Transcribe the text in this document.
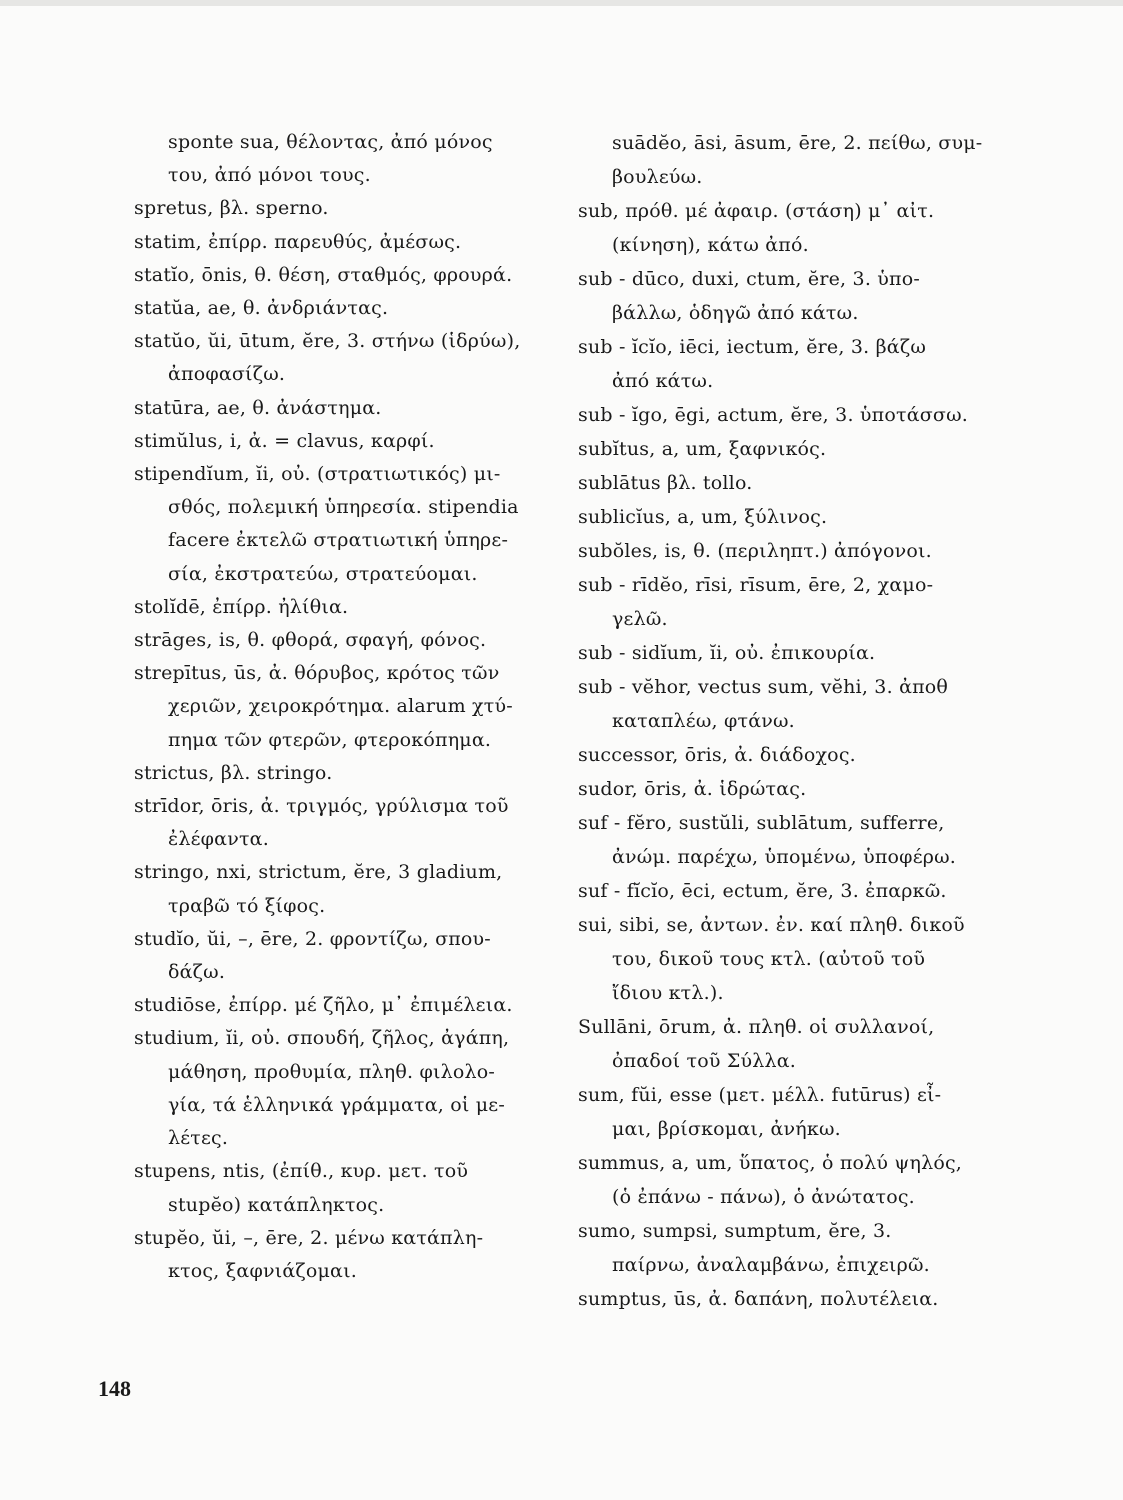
sponte sua, θέλοντας, ἀπό μόνος
του, ἀπό μόνοι τους.
spretus, βλ. sperno.
statim, ἐπίρρ. παρευθύς, ἀμέσως.
statĭo, ōnis, θ. θέση, σταθμός, φρουρά.
statŭa, ae, θ. ἀνδριάντας.
statŭo, ŭi, ūtum, ĕre, 3. στήνω (ἱδρύω),
ἀποφασίζω.
statūra, ae, θ. ἀνάστημα.
stimŭlus, i, ἀ. = clavus, καρφί.
stipendĭum, ĭi, οὐ. (στρατιωτικός) μι-
σθός, πολεμική ὑπηρεσία. stipendia
facere ἐκτελῶ στρατιωτική ὑπηρε-
σία, ἐκστρατεύω, στρατεύομαι.
stolĭdē, ἐπίρρ. ἠλίθια.
strāges, is, θ. φθορά, σφαγή, φόνος.
strepītus, ūs, ἀ. θόρυβος, κρότος τῶν
χεριῶν, χειροκρότημα. alarum χτύ-
πημα τῶν φτερῶν, φτεροκόπημα.
strictus, βλ. stringo.
strīdor, ōris, ἀ. τριγμός, γρύλισμα τοῦ
ἐλέφαντα.
stringo, nxi, strictum, ĕre, 3 gladium,
τραβῶ τό ξίφος.
studĭo, ŭi, –, ēre, 2. φροντίζω, σπου-
δάζω.
studiōse, ἐπίρρ. μέ ζῆλο, μ᾽ ἐπιμέλεια.
studium, ĭi, οὐ. σπουδή, ζῆλος, ἀγάπη,
μάθηση, προθυμία, πληθ. φιλολο-
γία, τά ἑλληνικά γράμματα, οἱ με-
λέτες.
stupens, ntis, (ἐπίθ., κυρ. μετ. τοῦ
stupĕo) κατάπληκτος.
stupĕo, ŭi, –, ēre, 2. μένω κατάπλη-
κτος, ξαφνιάζομαι.
suādĕo, āsi, āsum, ēre, 2. πείθω, συμ-
βουλεύω.
sub, πρόθ. μέ ἀφαιρ. (στάση) μ᾽ αἰτ.
(κίνηση), κάτω ἀπό.
sub - dūco, duxi, ctum, ĕre, 3. ὑπο-
βάλλω, ὁδηγῶ ἀπό κάτω.
sub - ĭcĭo, iēci, iectum, ĕre, 3. βάζω
ἀπό κάτω.
sub - ĭgo, ēgi, actum, ĕre, 3. ὑποτάσσω.
subĭtus, a, um, ξαφνικός.
sublātus βλ. tollo.
sublicĭus, a, um, ξύλινος.
subŏles, is, θ. (περιληπτ.) ἀπόγονοι.
sub - rīdĕo, rīsi, rīsum, ēre, 2, χαμο-
γελῶ.
sub - sidĭum, ĭi, οὐ. ἐπικουρία.
sub - vĕhor, vectus sum, vĕhi, 3. ἀποθ
καταπλέω, φτάνω.
successor, ōris, ἀ. διάδοχος.
sudor, ōris, ἀ. ἱδρώτας.
suf - fĕro, sustŭli, sublātum, sufferre,
ἀνώμ. παρέχω, ὑπομένω, ὑποφέρω.
suf - fĭcĭo, ēci, ectum, ĕre, 3. ἐπαρκῶ.
sui, sibi, se, ἀντων. ἐν. καί πληθ. δικοῦ
του, δικοῦ τους κτλ. (αὐτοῦ τοῦ
ἴδιου κτλ.).
Sullāni, ōrum, ἀ. πληθ. οἱ συλλανοί,
ὀπαδοί τοῦ Σύλλα.
sum, fŭi, esse (μετ. μέλλ. futūrus) εἶ-
μαι, βρίσκομαι, ἀνήκω.
summus, a, um, ὕπατος, ὁ πολύ ψηλός,
(ὁ ἐπάνω - πάνω), ὁ ἀνώτατος.
sumo, sumpsi, sumptum, ĕre, 3.
παίρνω, ἀναλαμβάνω, ἐπιχειρῶ.
sumptus, ūs, ἀ. δαπάνη, πολυτέλεια.
148
